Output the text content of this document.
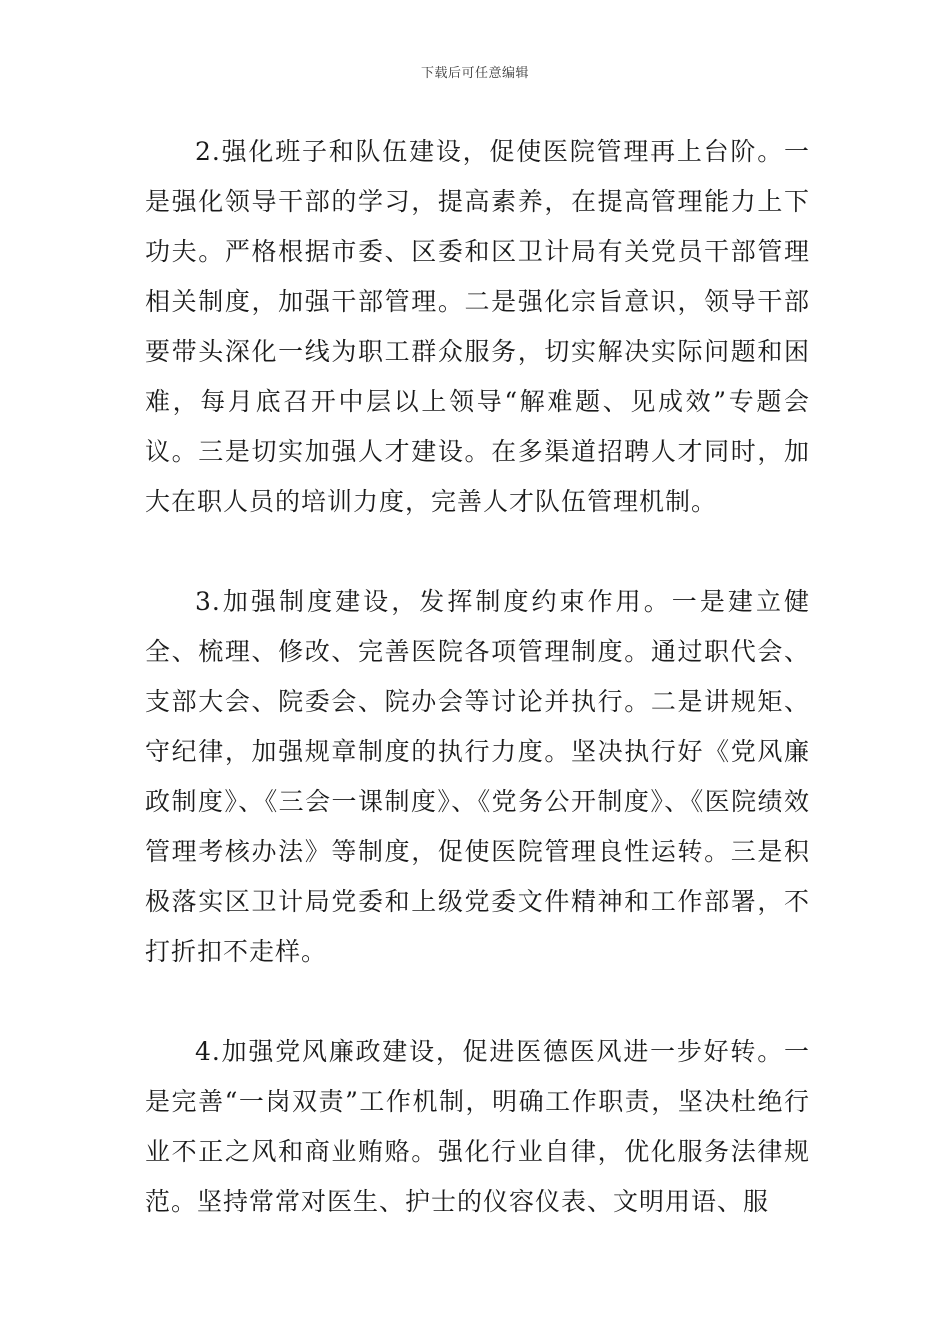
下载后可任意编辑

2.强化班子和队伍建设，促使医院管理再上台阶。一是强化领导干部的学习，提高素养，在提高管理能力上下功夫。严格根据市委、区委和区卫计局有关党员干部管理相关制度，加强干部管理。二是强化宗旨意识，领导干部要带头深化一线为职工群众服务，切实解决实际问题和困难，每月底召开中层以上领导“解难题、见成效”专题会议。三是切实加强人才建设。在多渠道招聘人才同时，加大在职人员的培训力度，完善人才队伍管理机制。

3.加强制度建设，发挥制度约束作用。一是建立健全、梳理、修改、完善医院各项管理制度。通过职代会、支部大会、院委会、院办会等讨论并执行。二是讲规矩、守纪律，加强规章制度的执行力度。坚决执行好《党风廉政制度》、《三会一课制度》、《党务公开制度》、《医院绩效管理考核办法》等制度，促使医院管理良性运转。三是积极落实区卫计局党委和上级党委文件精神和工作部署，不打折扣不走样。

4.加强党风廉政建设，促进医德医风进一步好转。一是完善“一岗双责”工作机制，明确工作职责，坚决杜绝行业不正之风和商业贿赂。强化行业自律，优化服务法律规范。坚持常常对医生、护士的仪容仪表、文明用语、服
